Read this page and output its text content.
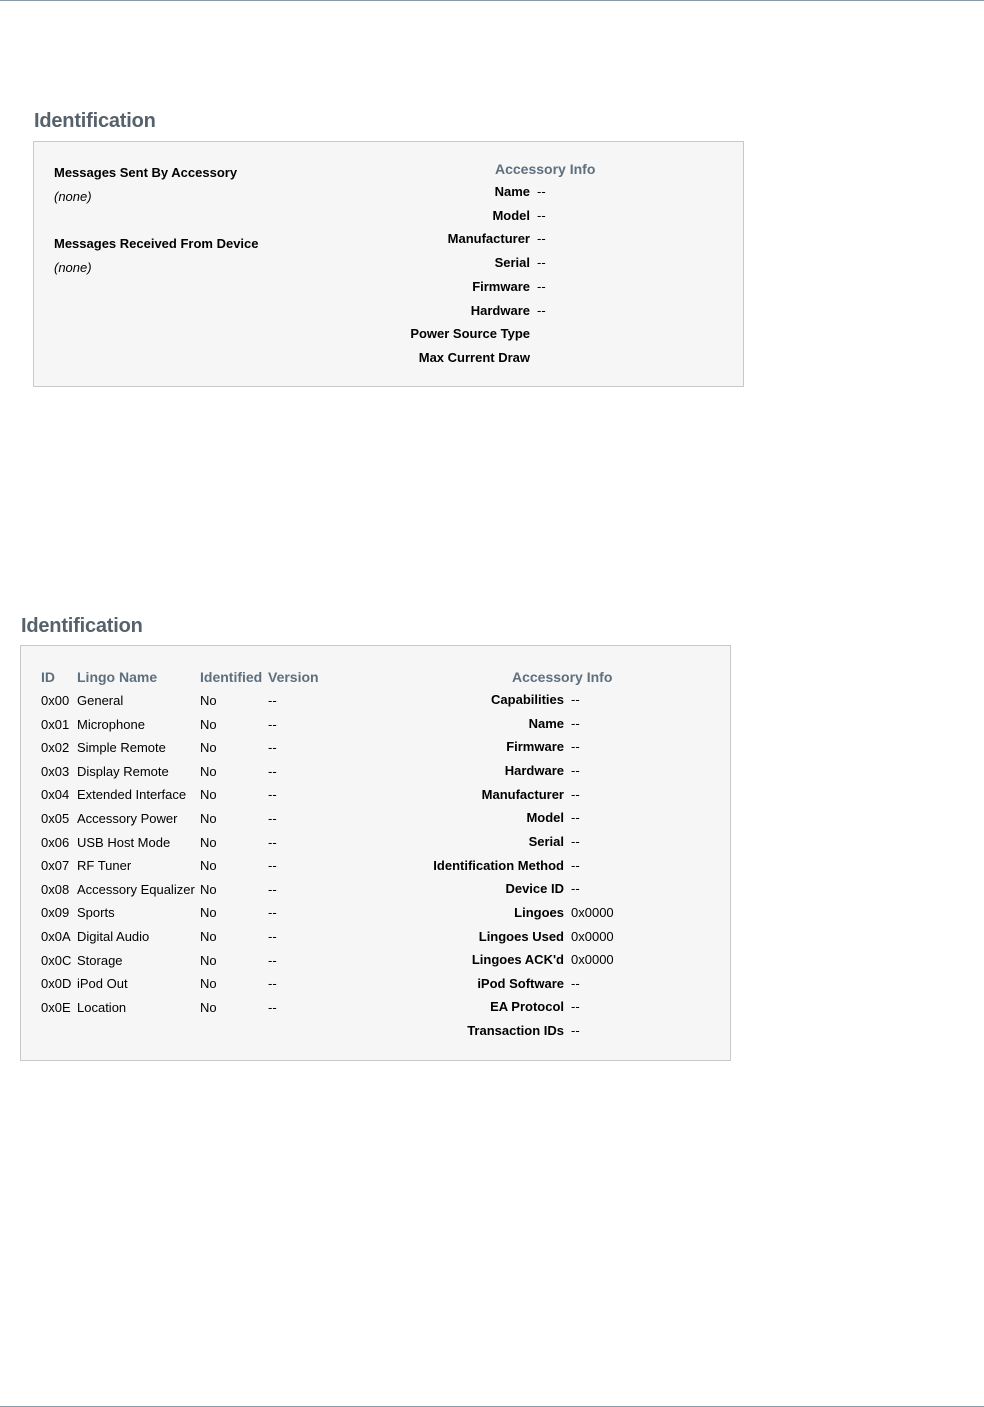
Identification
Messages Sent By Accessory
(none)
Messages Received From Device
(none)
Accessory Info
Name --
Model --
Manufacturer --
Serial --
Firmware --
Hardware --
Power Source Type
Max Current Draw
Identification
ID Lingo Name	Identified Version
0x00 General	No	--
0x01 Microphone	No	--
0x02 Simple Remote	No	--
0x03 Display Remote No	--
0x04 Extended Interface No	--
0x05 Accessory Power No	--
0x06 USB Host Mode No	--
0x07 RF Tuner	No	--
0x08 Accessory Equalizer No	--
0x09 Sports	No	--
0x0A Digital Audio	No	--
0x0C Storage	No	--
0x0D iPod Out	No	--
0x0E Location	No	--
Accessory Info
Capabilities --
Name --
Firmware --
Hardware --
Manufacturer --
Model --
Serial --
Identification Method --
Device ID --
Lingoes 0x0000
Lingoes Used 0x0000
Lingoes ACK'd 0x0000
iPod Software --
EA Protocol --
Transaction IDs --
